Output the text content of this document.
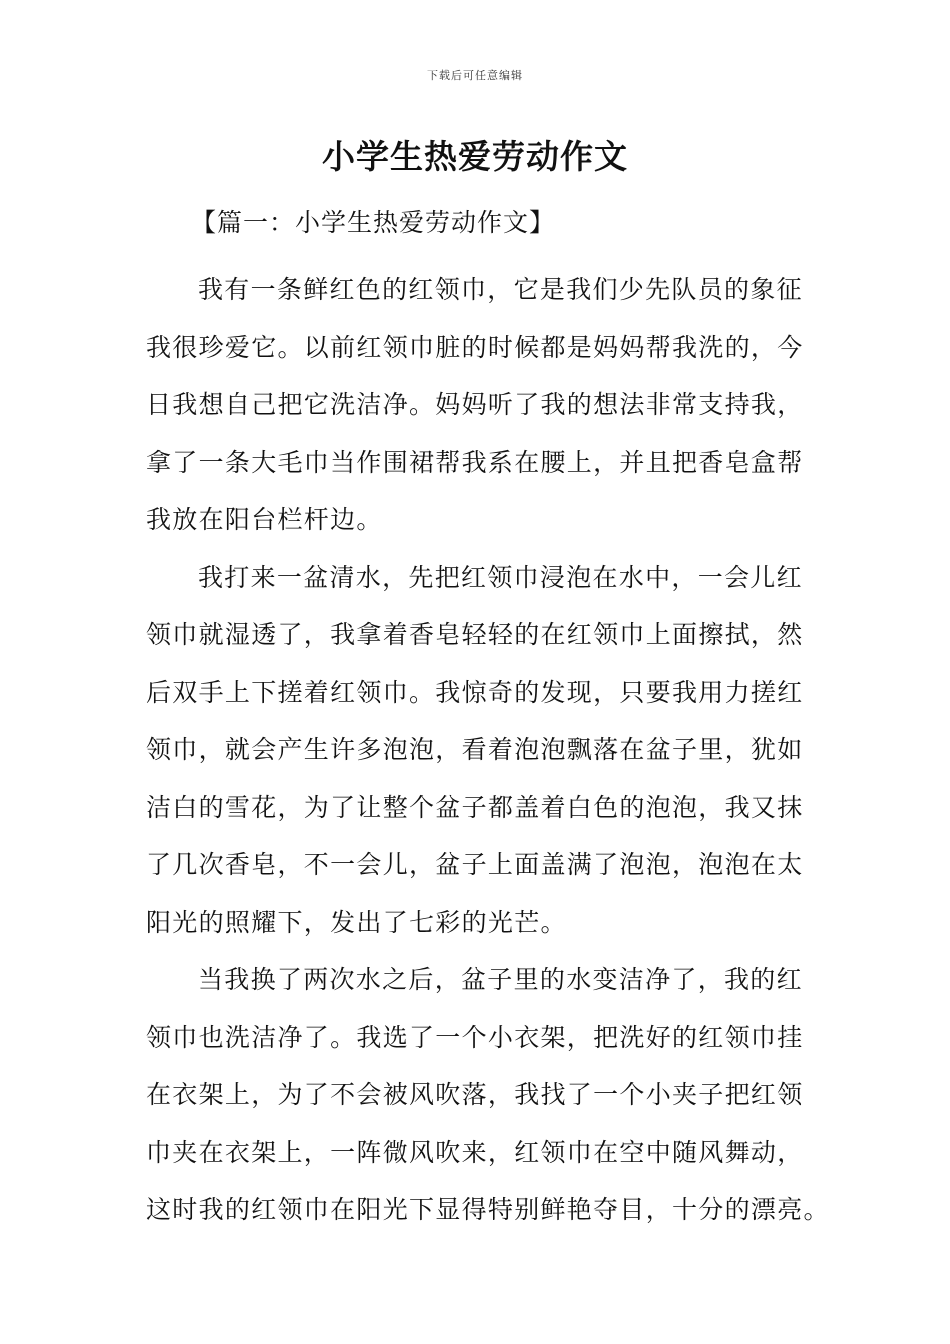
下载后可任意编辑
小学生热爱劳动作文

【篇一：小学生热爱劳动作文】

我有一条鲜红色的红领巾，它是我们少先队员的象征
我很珍爱它。以前红领巾脏的时候都是妈妈帮我洗的，今
日我想自己把它洗洁净。妈妈听了我的想法非常支持我，
拿了一条大毛巾当作围裙帮我系在腰上，并且把香皂盒帮
我放在阳台栏杆边。
我打来一盆清水，先把红领巾浸泡在水中，一会儿红
领巾就湿透了，我拿着香皂轻轻的在红领巾上面擦拭，然
后双手上下搓着红领巾。我惊奇的发现，只要我用力搓红
领巾，就会产生许多泡泡，看着泡泡飘落在盆子里，犹如
洁白的雪花，为了让整个盆子都盖着白色的泡泡，我又抹
了几次香皂，不一会儿，盆子上面盖满了泡泡，泡泡在太
阳光的照耀下，发出了七彩的光芒。
当我换了两次水之后，盆子里的水变洁净了，我的红
领巾也洗洁净了。我选了一个小衣架，把洗好的红领巾挂
在衣架上，为了不会被风吹落，我找了一个小夹子把红领
巾夹在衣架上，一阵微风吹来，红领巾在空中随风舞动，
这时我的红领巾在阳光下显得特别鲜艳夺目，十分的漂亮。
